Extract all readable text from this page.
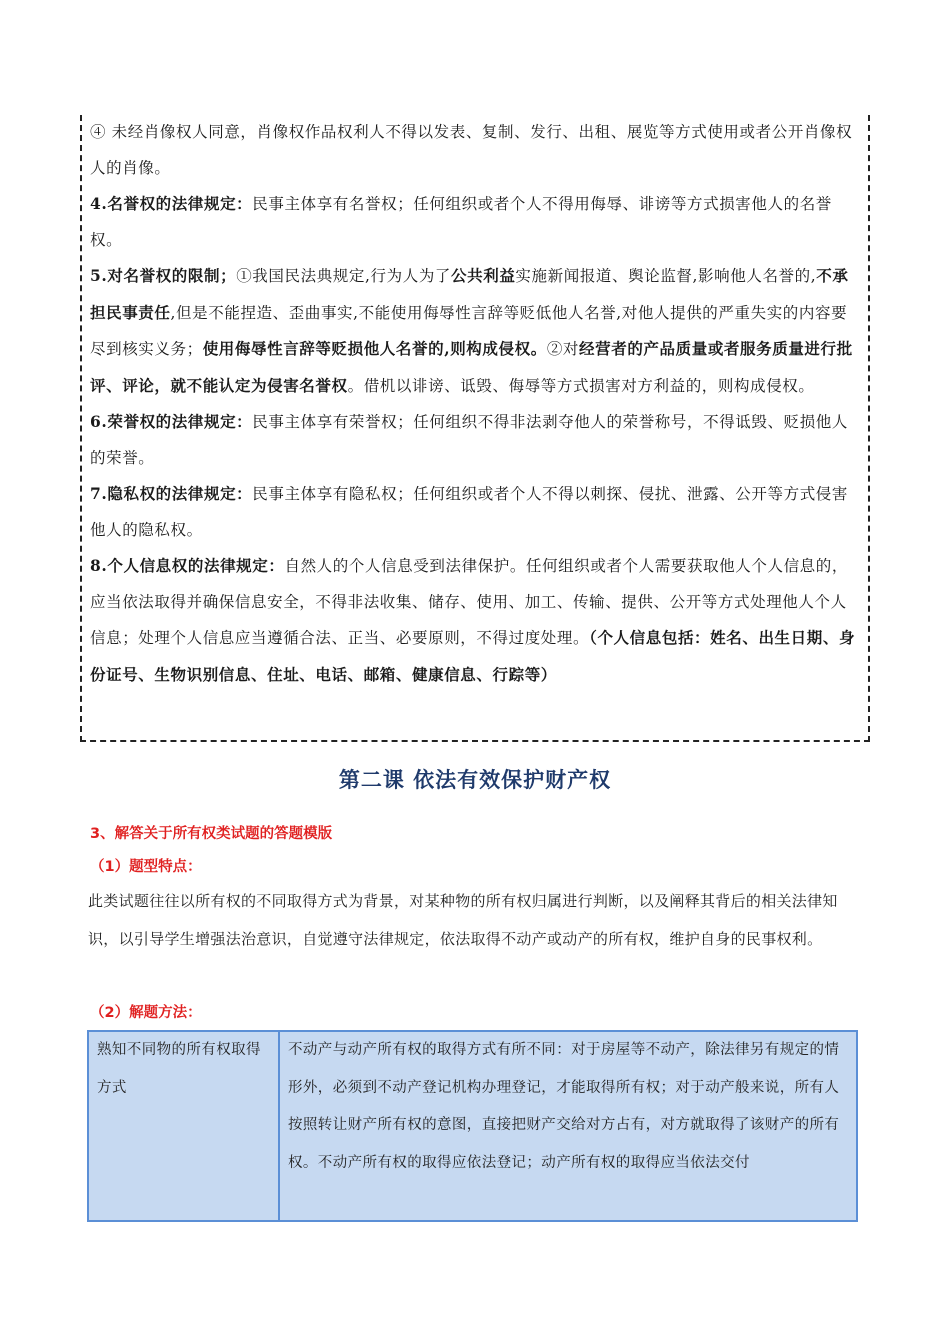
④ 未经肖像权人同意，肖像权作品权利人不得以发表、复制、发行、出租、展览等方式使用或者公开肖像权人的肖像。

4.名誉权的法律规定：民事主体享有名誉权；任何组织或者个人不得用侮辱、诽谤等方式损害他人的名誉权。

5.对名誉权的限制；①我国民法典规定,行为人为了公共利益实施新闻报道、舆论监督,影响他人名誉的,不承担民事责任,但是不能捏造、歪曲事实,不能使用侮辱性言辞等贬低他人名誉,对他人提供的严重失实的内容要尽到核实义务；使用侮辱性言辞等贬损他人名誉的,则构成侵权。②对经营者的产品质量或者服务质量进行批评、评论，就不能认定为侵害名誉权。借机以诽谤、诋毁、侮辱等方式损害对方利益的，则构成侵权。

6.荣誉权的法律规定：民事主体享有荣誉权；任何组织不得非法剥夺他人的荣誉称号，不得诋毁、贬损他人的荣誉。

7.隐私权的法律规定：民事主体享有隐私权；任何组织或者个人不得以刺探、侵扰、泄露、公开等方式侵害他人的隐私权。

8.个人信息权的法律规定：自然人的个人信息受到法律保护。任何组织或者个人需要获取他人个人信息的，应当依法取得并确保信息安全，不得非法收集、储存、使用、加工、传输、提供、公开等方式处理他人个人信息；处理个人信息应当遵循合法、正当、必要原则，不得过度处理。（个人信息包括：姓名、出生日期、身份证号、生物识别信息、住址、电话、邮箱、健康信息、行踪等）

第二课 依法有效保护财产权

3、解答关于所有权类试题的答题模版

（1）题型特点：

此类试题往往以所有权的不同取得方式为背景，对某种物的所有权归属进行判断，以及阐释其背后的相关法律知识，以引导学生增强法治意识，自觉遵守法律规定，依法取得不动产或动产的所有权，维护自身的民事权利。

（2）解题方法：

熟知不同物的所有权取得方式	不动产与动产所有权的取得方式有所不同：对于房屋等不动产，除法律另有规定的情形外，必须到不动产登记机构办理登记，才能取得所有权；对于动产般来说，所有人按照转让财产所有权的意图，直接把财产交给对方占有，对方就取得了该财产的所有权。不动产所有权的取得应依法登记；动产所有权的取得应当依法交付
